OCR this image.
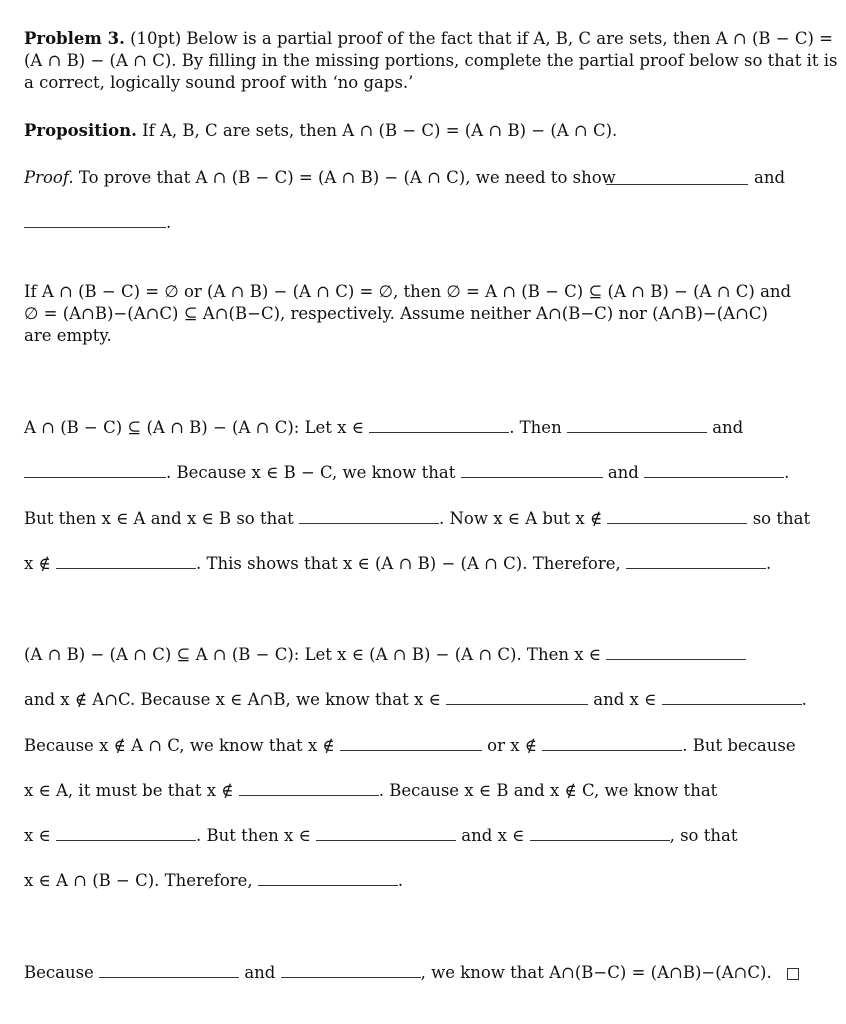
Problem 3. (10pt) Below is a partial proof of the fact that if A, B, C are sets, then A ∩ (B − C) =
(A ∩ B) − (A ∩ C). By filling in the missing portions, complete the partial proof below so that it is
a correct, logically sound proof with ‘no gaps.’
Proposition. If A, B, C are sets, then A ∩ (B − C) = (A ∩ B) − (A ∩ C).
Proof. To prove that A ∩ (B − C) = (A ∩ B) − (A ∩ C), we need to show	and
.
If A ∩ (B − C) = ∅ or (A ∩ B) − (A ∩ C) = ∅, then ∅ = A ∩ (B − C) ⊆ (A ∩ B) − (A ∩ C) and
∅ = (A∩B)−(A∩C) ⊆ A∩(B−C), respectively. Assume neither A∩(B−C) nor (A∩B)−(A∩C)
are empty.
A ∩ (B − C) ⊆ (A ∩ B) − (A ∩ C): Let x ∈	. Then	and
. Because x ∈ B − C, we know that	and	.
But then x ∈ A and x ∈ B so that	. Now x ∈ A but x ∉	so that
x ∉	. This shows that x ∈ (A ∩ B) − (A ∩ C). Therefore,	.
(A ∩ B) − (A ∩ C) ⊆ A ∩ (B − C): Let x ∈ (A ∩ B) − (A ∩ C). Then x ∈
and x ∉ A∩C. Because x ∈ A∩B, we know that x ∈	and x ∈	.
Because x ∉ A ∩ C, we know that x ∉	or x ∉	. But because
x ∈ A, it must be that x ∉	. Because x ∈ B and x ∉ C, we know that
x ∈	. But then x ∈	and x ∈	, so that
x ∈ A ∩ (B − C). Therefore,	.
Because	and	, we know that A∩(B−C) = (A∩B)−(A∩C).
